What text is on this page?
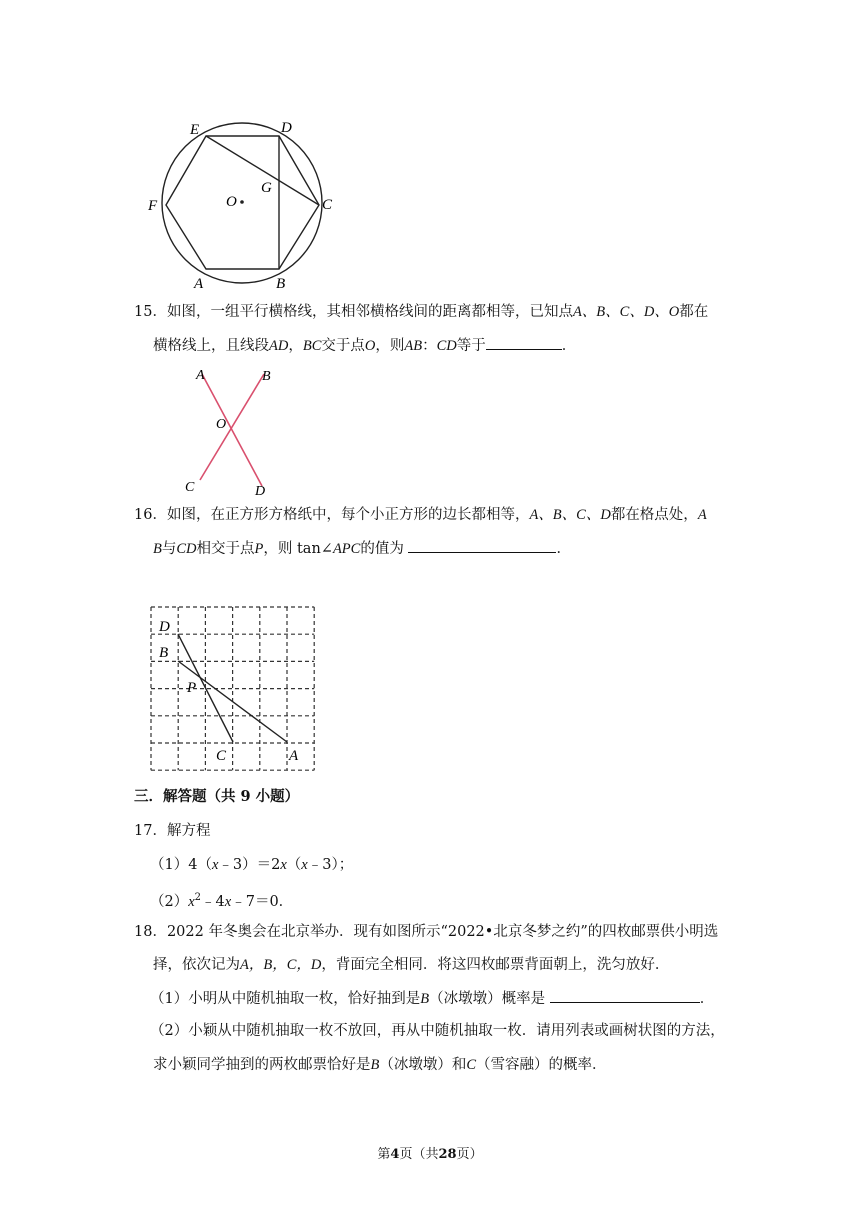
E	D
G
O
F	C
A	B
15．如图，一组平行横格线，其相邻横格线间的距离都相等，已知点A、B、C、D、O都在
横格线上，且线段AD，BC交于点O，则AB：CD等于	．
A	B
O
C	D
16．如图，在正方形方格纸中，每个小正方形的边长都相等，A、B、C、D都在格点处，A
B与CD相交于点P，则 tan∠APC的值为	．
D
B
P
C	A
三．解答题（共 9 小题）
17．解方程
（1）4（x﹣3）＝2x（x﹣3）；
$(2)x^2﹣4x﹣7=0$．
18．2022 年冬奥会在北京举办．现有如图所示“2022•北京冬梦之约”的四枚邮票供小明选
择，依次记为A，B，C，D，背面完全相同．将这四枚邮票背面朝上，洗匀放好．
（1）小明从中随机抽取一枚，恰好抽到是B（冰墩墩）概率是	．
（2）小颖从中随机抽取一枚不放回，再从中随机抽取一枚．请用列表或画树状图的方法，
求小颖同学抽到的两枚邮票恰好是B（冰墩墩）和C（雪容融）的概率．
第4页（共28页）
